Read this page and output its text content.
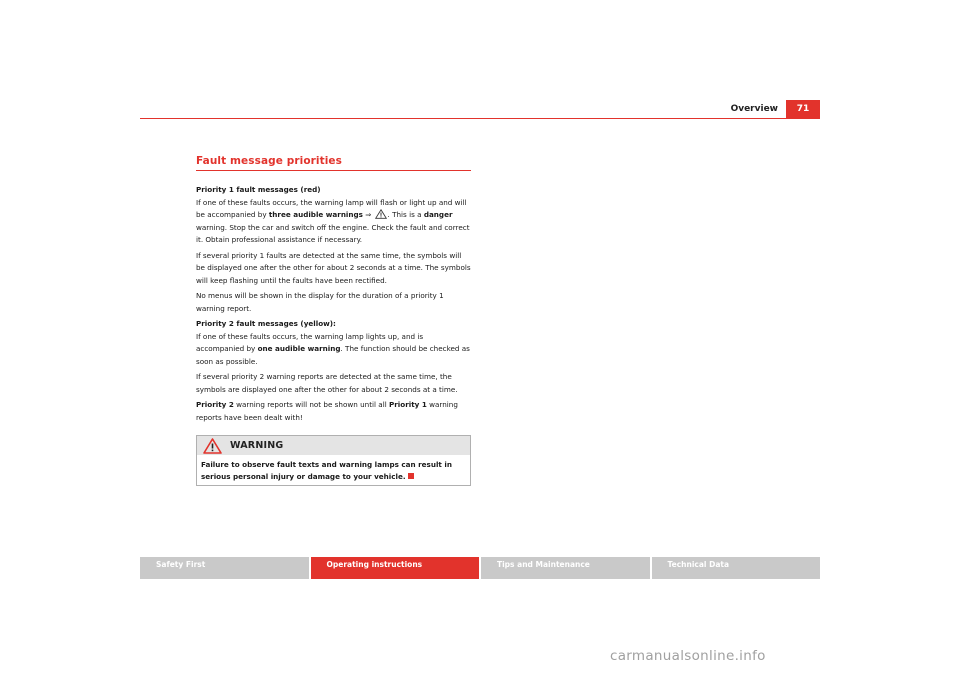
Overview	71
Fault message priorities
Priority 1 fault messages (red)

If one of these faults occurs, the warning lamp will flash or light up and will be accompanied by three audible warnings ⇒ . This is a danger warning. Stop the car and switch off the engine. Check the fault and correct it. Obtain professional assistance if necessary.

If several priority 1 faults are detected at the same time, the symbols will be displayed one after the other for about 2 seconds at a time. The symbols will keep flashing until the faults have been rectified.

No menus will be shown in the display for the duration of a priority 1 warning report.

Priority 2 fault messages (yellow):

If one of these faults occurs, the warning lamp lights up, and is accompanied by one audible warning. The function should be checked as soon as possible.

If several priority 2 warning reports are detected at the same time, the symbols are displayed one after the other for about 2 seconds at a time.

Priority 2 warning reports will not be shown until all Priority 1 warning reports have been dealt with!

WARNING
Failure to observe fault texts and warning lamps can result in serious personal injury or damage to your vehicle.
Safety First	Operating instructions	Tips and Maintenance	Technical Data
carmanualsonline.info
